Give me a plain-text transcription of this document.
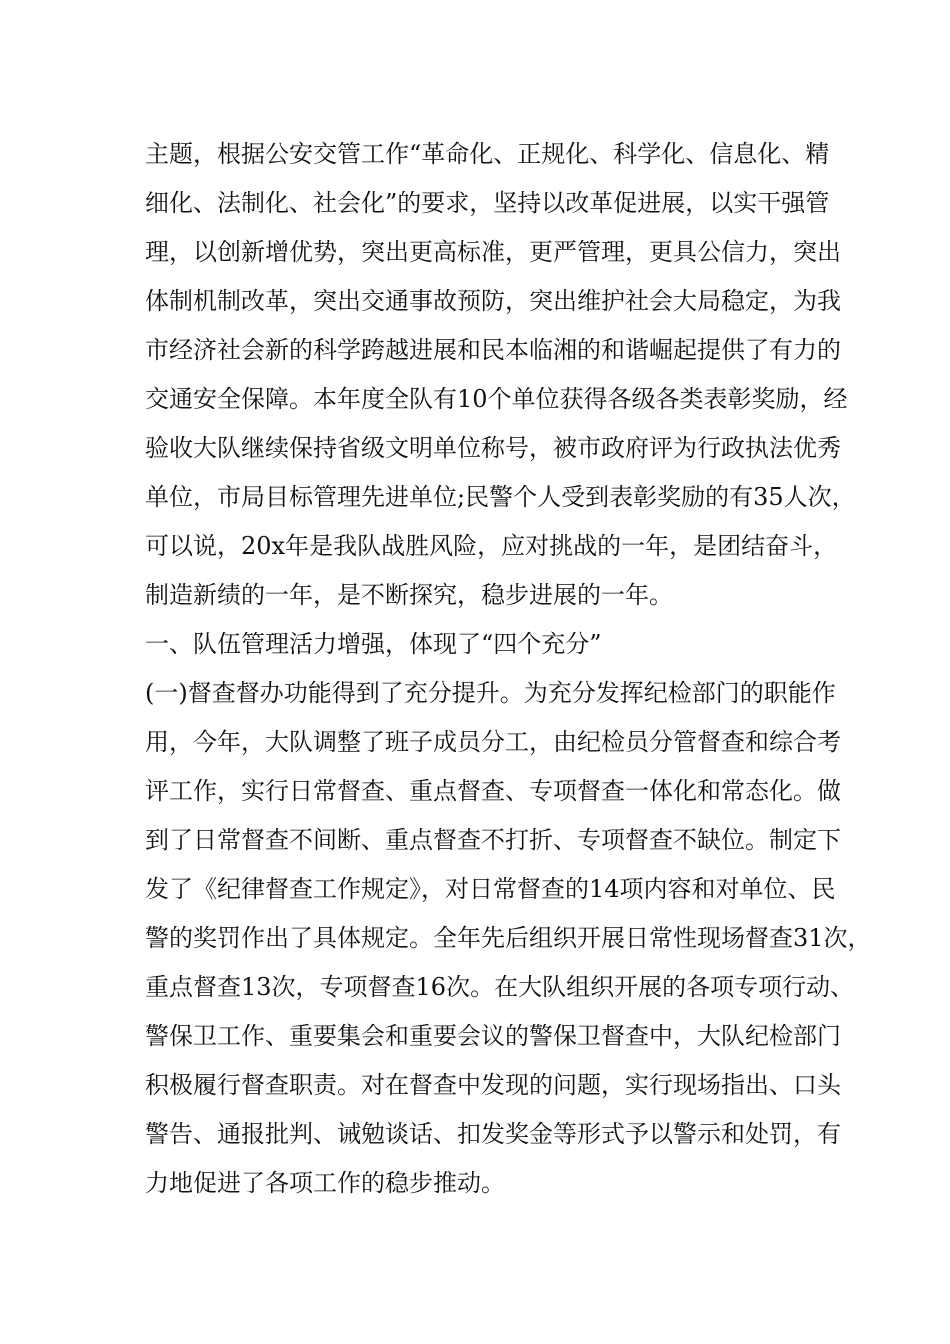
主题，根据公安交管工作“革命化、正规化、科学化、信息化、精
细化、法制化、社会化”的要求，坚持以改革促进展，以实干强管
理，以创新增优势，突出更高标准，更严管理，更具公信力，突出
体制机制改革，突出交通事故预防，突出维护社会大局稳定，为我
市经济社会新的科学跨越进展和民本临湘的和谐崛起提供了有力的
交通安全保障。本年度全队有10个单位获得各级各类表彰奖励，经
验收大队继续保持省级文明单位称号，被市政府评为行政执法优秀
单位，市局目标管理先进单位;民警个人受到表彰奖励的有35人次，
可以说，20x年是我队战胜风险，应对挑战的一年，是团结奋斗，
制造新绩的一年，是不断探究，稳步进展的一年。
一、队伍管理活力增强，体现了“四个充分”
(一)督查督办功能得到了充分提升。为充分发挥纪检部门的职能作
用，今年，大队调整了班子成员分工，由纪检员分管督查和综合考
评工作，实行日常督查、重点督查、专项督查一体化和常态化。做
到了日常督查不间断、重点督查不打折、专项督查不缺位。制定下
发了《纪律督查工作规定》，对日常督查的14项内容和对单位、民
警的奖罚作出了具体规定。全年先后组织开展日常性现场督查31次，
重点督查13次，专项督查16次。在大队组织开展的各项专项行动、
警保卫工作、重要集会和重要会议的警保卫督查中，大队纪检部门
积极履行督查职责。对在督查中发现的问题，实行现场指出、口头
警告、通报批判、诫勉谈话、扣发奖金等形式予以警示和处罚，有
力地促进了各项工作的稳步推动。
